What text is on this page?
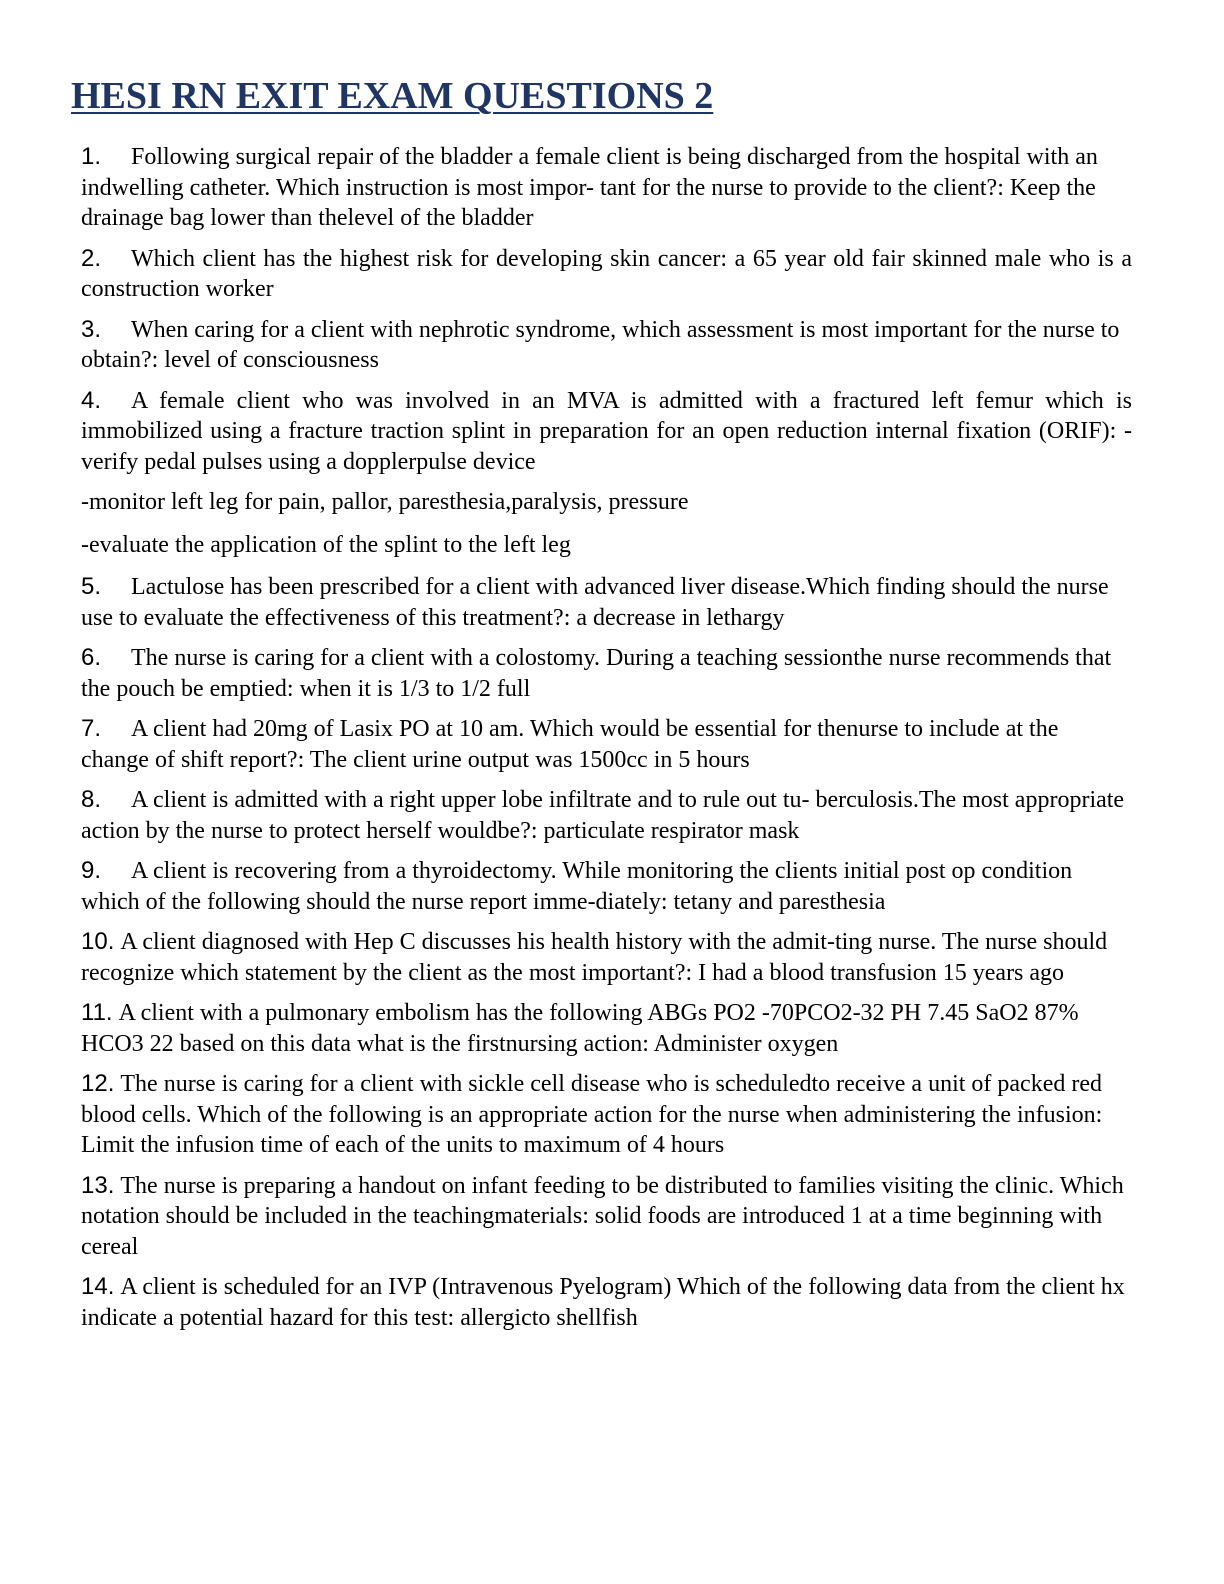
HESI RN EXIT EXAM QUESTIONS 2

1. Following surgical repair of the bladder a female client is being discharged from the hospital with an indwelling catheter. Which instruction is most impor- tant for the nurse to provide to the client?: Keep the drainage bag lower than thelevel of the bladder

2. Which client has the highest risk for developing skin cancer: a 65 year old fair skinned male who is a construction worker

3. When caring for a client with nephrotic syndrome, which assessment is most important for the nurse to obtain?: level of consciousness

4. A female client who was involved in an MVA is admitted with a fractured left femur which is immobilized using a fracture traction splint in preparation for an open reduction internal fixation (ORIF): - verify pedal pulses using a dopplerpulse device

-monitor left leg for pain, pallor, paresthesia,paralysis, pressure

-evaluate the application of the splint to the left leg

5. Lactulose has been prescribed for a client with advanced liver disease.Which finding should the nurse use to evaluate the effectiveness of this treatment?: a decrease in lethargy

6. The nurse is caring for a client with a colostomy. During a teaching sessionthe nurse recommends that the pouch be emptied: when it is 1/3 to 1/2 full

7. A client had 20mg of Lasix PO at 10 am. Which would be essential for thenurse to include at the change of shift report?: The client urine output was 1500cc in 5 hours

8. A client is admitted with a right upper lobe infiltrate and to rule out tu- berculosis.The most appropriate action by the nurse to protect herself wouldbe?: particulate respirator mask

9. A client is recovering from a thyroidectomy. While monitoring the clients initial post op condition which of the following should the nurse report imme-diately: tetany and paresthesia

10. A client diagnosed with Hep C discusses his health history with the admit-ting nurse. The nurse should recognize which statement by the client as the most important?: I had a blood transfusion 15 years ago

11. A client with a pulmonary embolism has the following ABGs PO2 -70PCO2-32 PH 7.45 SaO2 87% HCO3 22 based on this data what is the firstnursing action: Administer oxygen

12. The nurse is caring for a client with sickle cell disease who is scheduledto receive a unit of packed red blood cells. Which of the following is an appropriate action for the nurse when administering the infusion: Limit the infusion time of each of the units to maximum of 4 hours

13. The nurse is preparing a handout on infant feeding to be distributed to families visiting the clinic. Which notation should be included in the teachingmaterials: solid foods are introduced 1 at a time beginning with cereal

14. A client is scheduled for an IVP (Intravenous Pyelogram) Which of the following data from the client hx indicate a potential hazard for this test: allergicto shellfish
